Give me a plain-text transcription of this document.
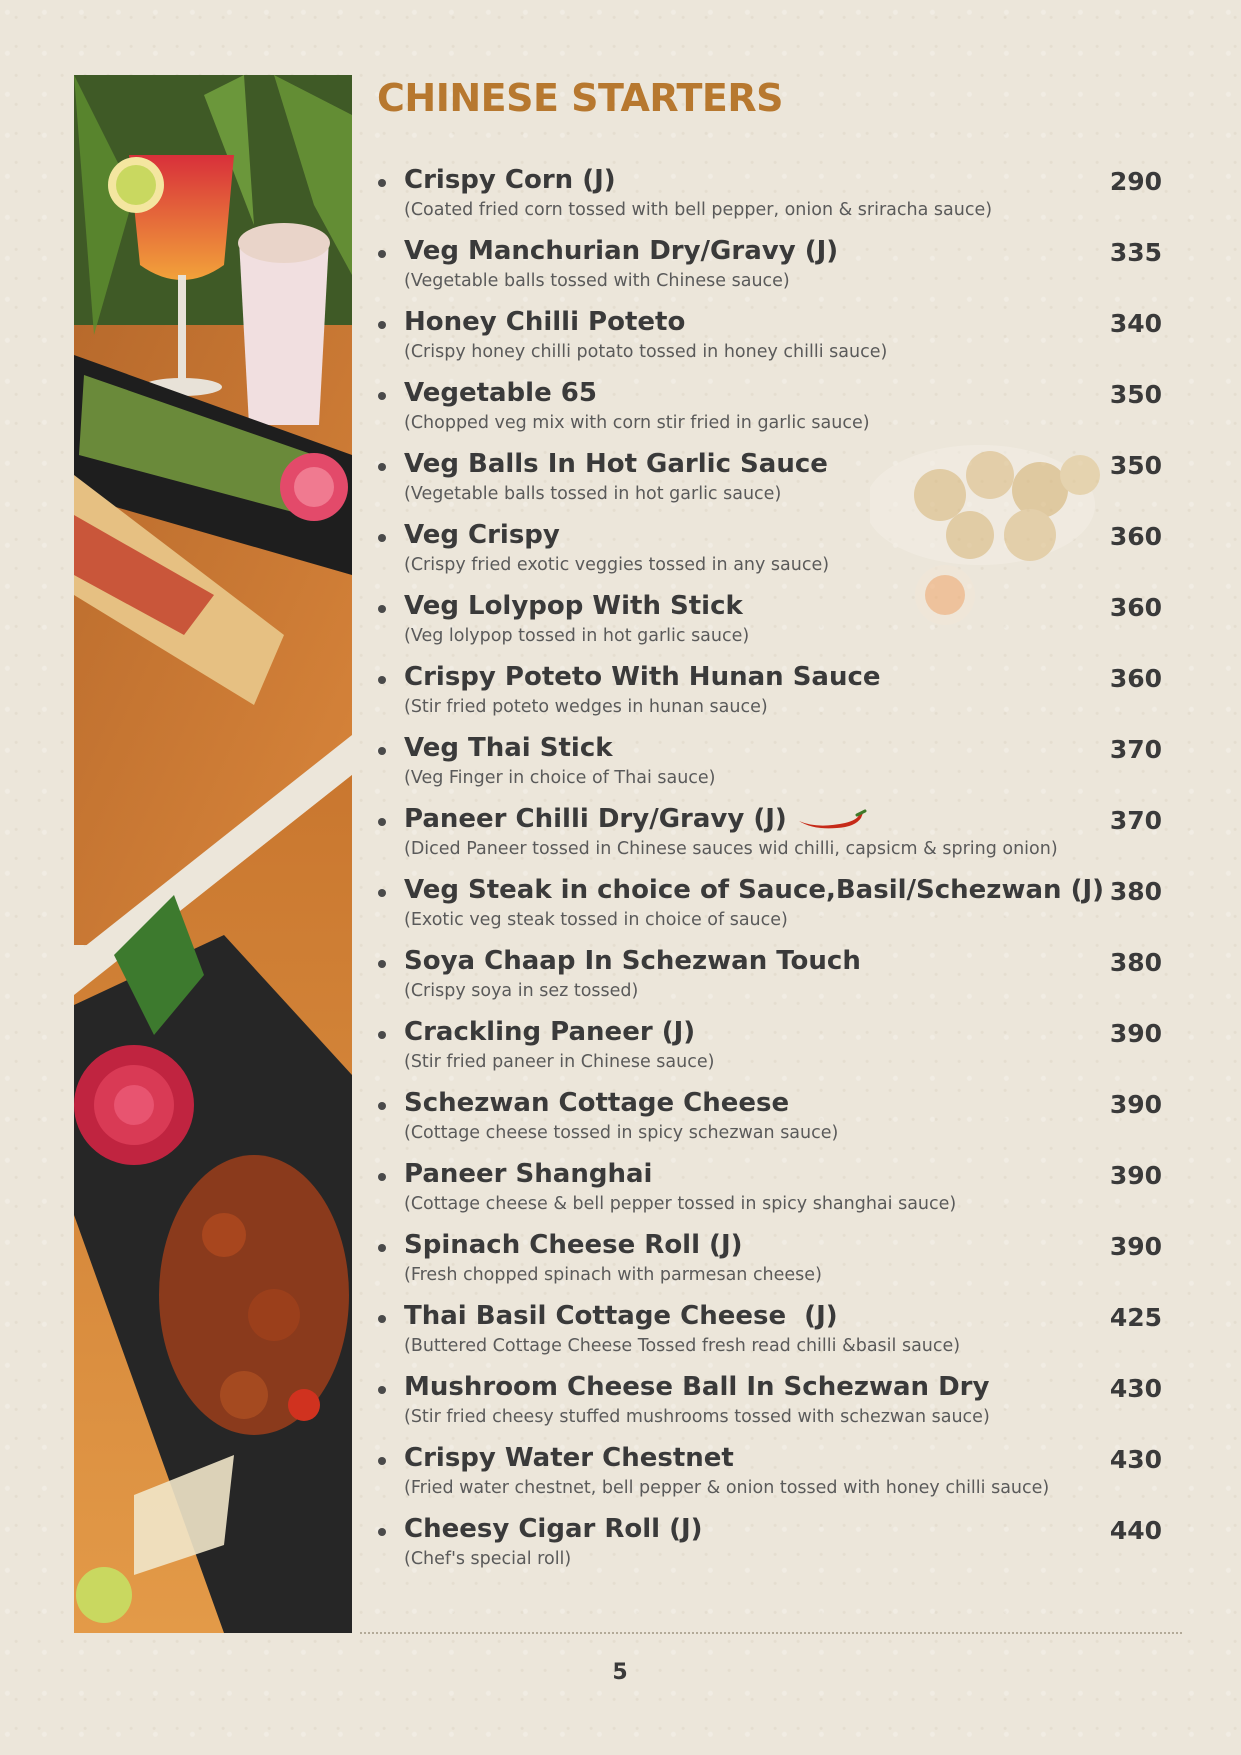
CHINESE STARTERS
Crispy Corn (J)
(Coated fried corn tossed with bell pepper, onion & sriracha sauce)
290
Veg Manchurian Dry/Gravy (J)
(Vegetable balls tossed with Chinese sauce)
335
Honey Chilli Poteto
(Crispy honey chilli potato tossed in honey chilli sauce)
340
Vegetable 65
(Chopped veg mix with corn stir fried in garlic sauce)
350
Veg Balls In Hot Garlic Sauce
(Vegetable balls tossed in hot garlic sauce)
350
Veg Crispy
(Crispy fried exotic veggies tossed in any sauce)
360
Veg Lolypop With Stick
(Veg lolypop tossed in hot garlic sauce)
360
Crispy Poteto With Hunan Sauce
(Stir fried poteto wedges in hunan sauce)
360
Veg Thai Stick
(Veg Finger in choice of Thai sauce)
370
Paneer Chilli Dry/Gravy (J)
(Diced Paneer tossed in Chinese sauces wid chilli, capsicm & spring onion)
370
Veg Steak in choice of Sauce,Basil/Schezwan (J)
(Exotic veg steak tossed in choice of sauce)
380
Soya Chaap In Schezwan Touch
(Crispy soya in sez tossed)
380
Crackling Paneer (J)
(Stir fried paneer in Chinese sauce)
390
Schezwan Cottage Cheese
(Cottage cheese tossed in spicy schezwan sauce)
390
Paneer Shanghai
(Cottage cheese & bell pepper tossed in spicy shanghai sauce)
390
Spinach Cheese Roll (J)
(Fresh chopped spinach with parmesan cheese)
390
Thai Basil Cottage Cheese  (J)
(Buttered Cottage Cheese Tossed fresh read chilli &basil sauce)
425
Mushroom Cheese Ball In Schezwan Dry
(Stir fried cheesy stuffed mushrooms tossed with schezwan sauce)
430
Crispy Water Chestnet
(Fried water chestnet, bell pepper & onion tossed with honey chilli sauce)
430
Cheesy Cigar Roll (J)
(Chef's special roll)
440
5
